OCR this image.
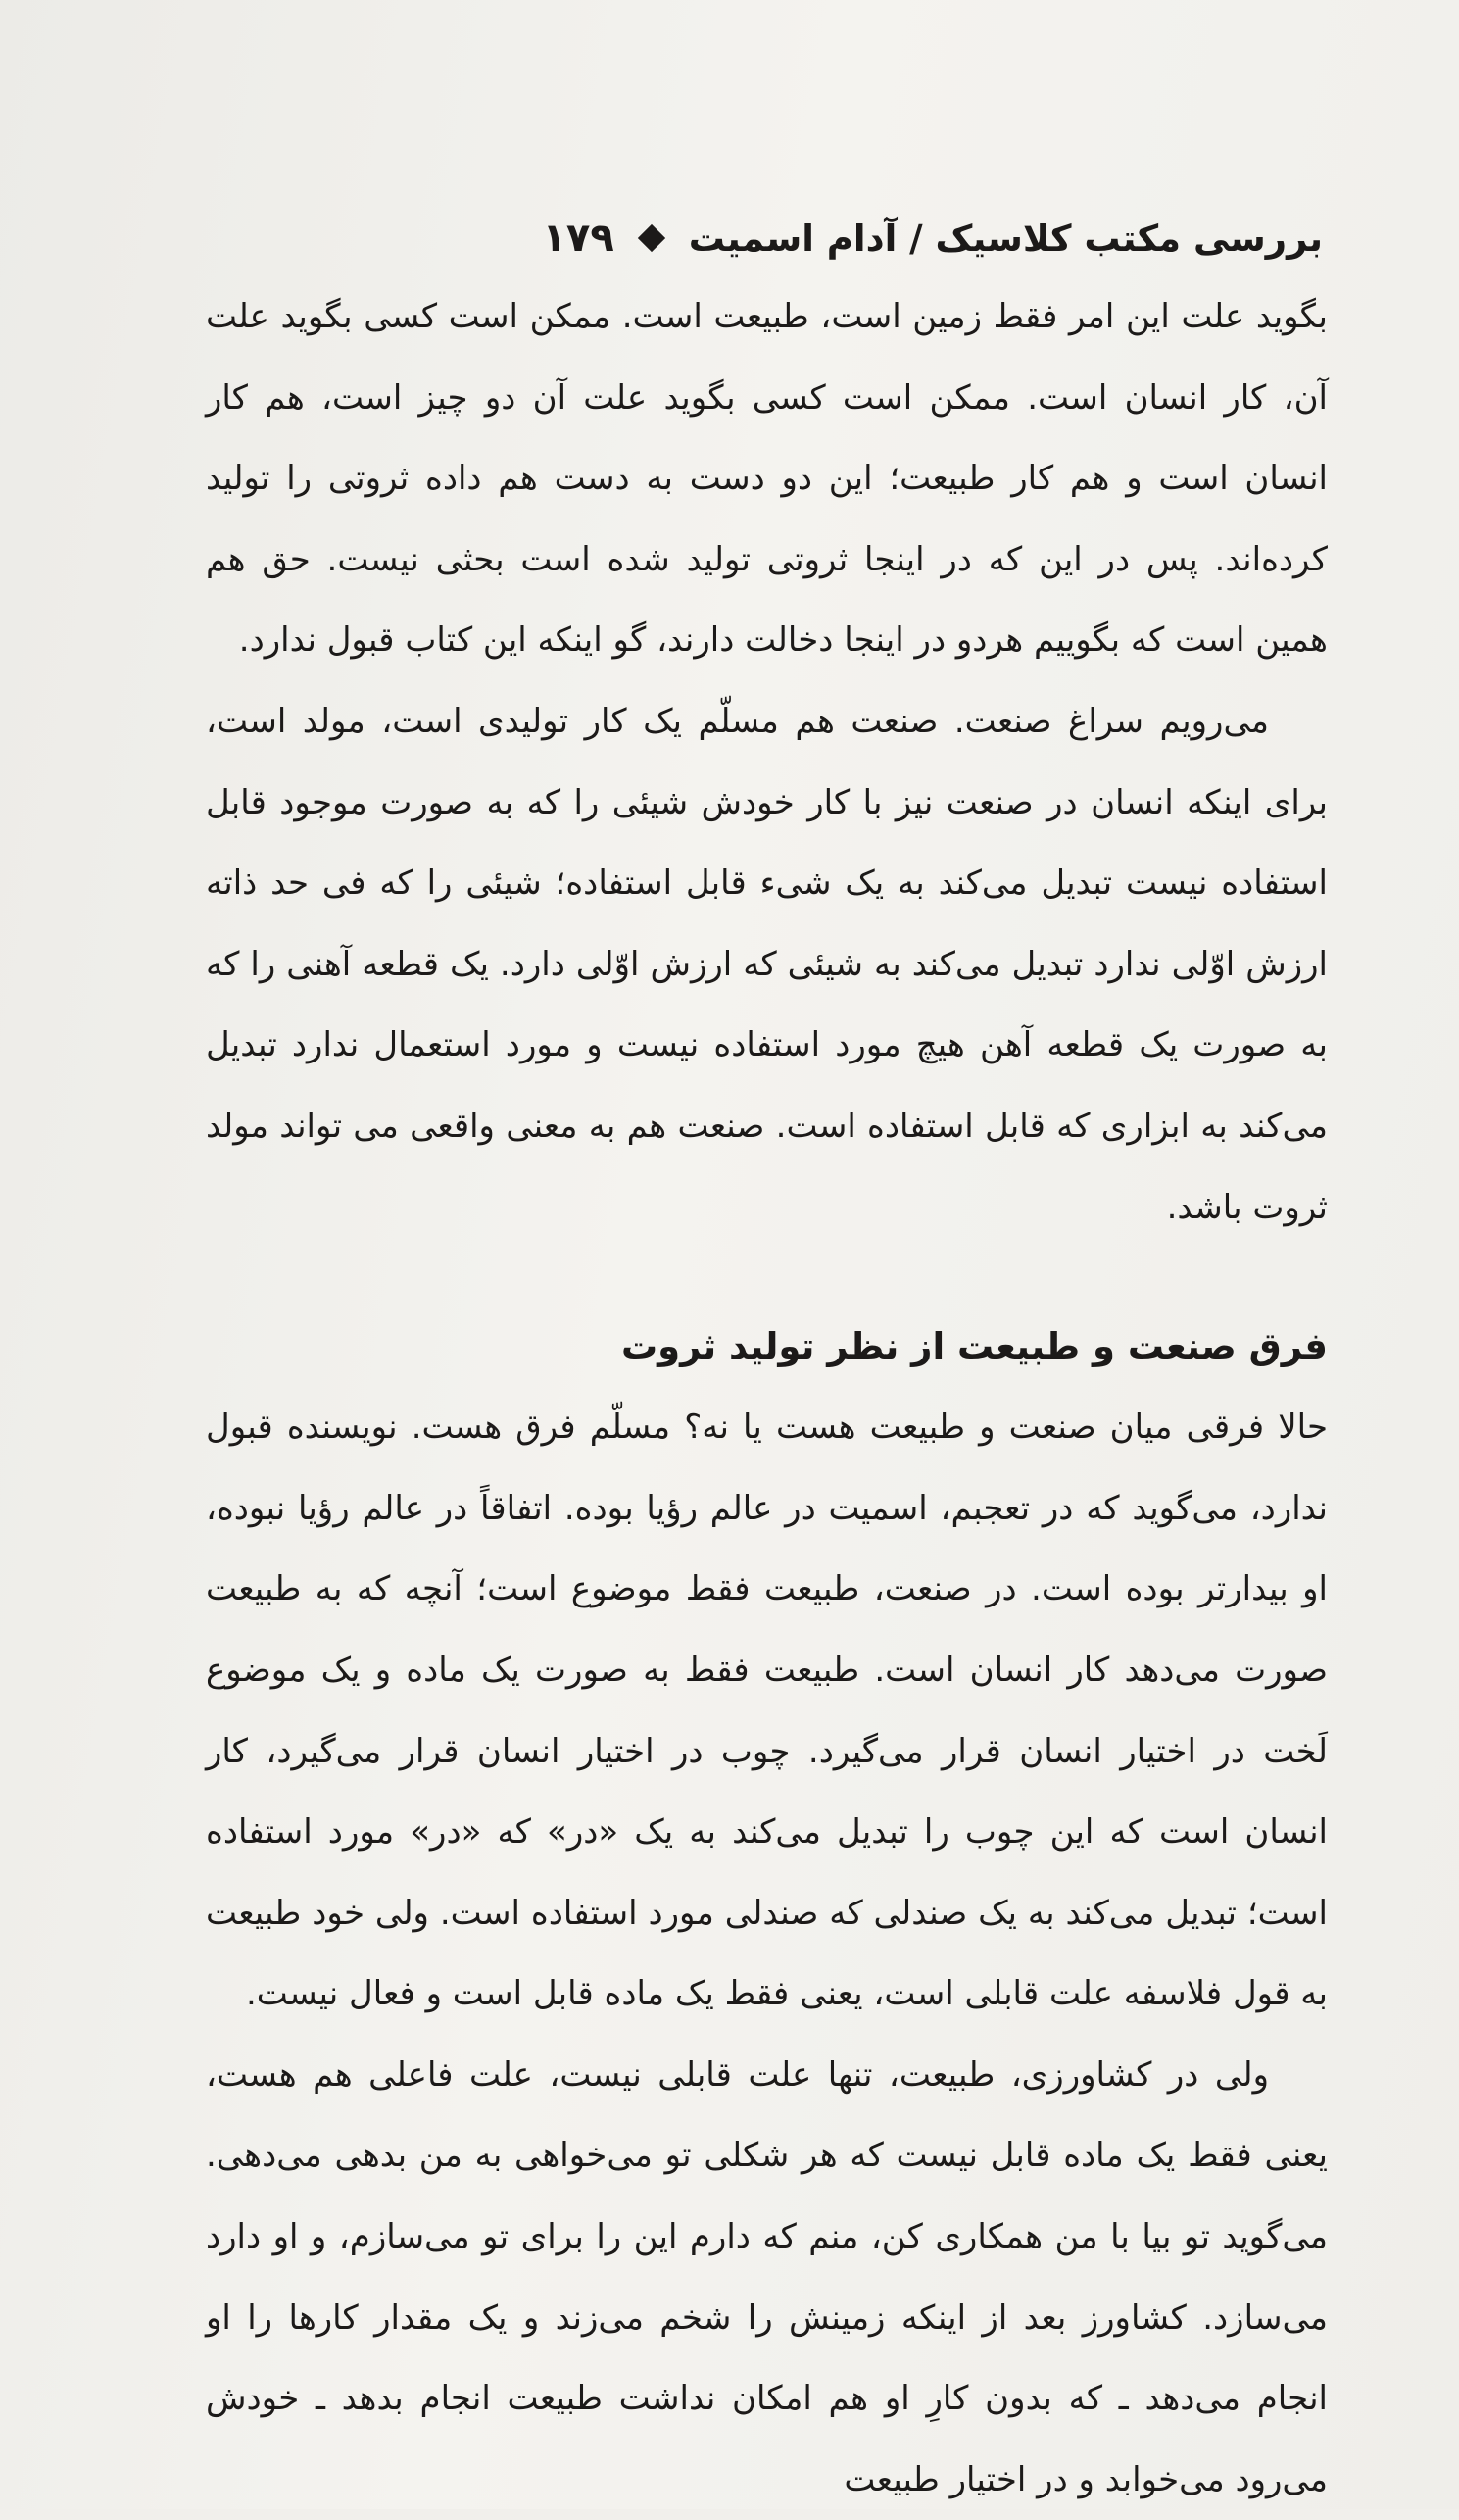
بررسی مکتب کلاسیک / آدام اسمیت
۱۷۹

بگوید علت این امر فقط زمین است، طبیعت است. ممکن است کسی بگوید علت آن، کار انسان است. ممکن است کسی بگوید علت آن دو چیز است، هم کار انسان است و هم کار طبیعت؛ این دو دست به دست هم داده ثروتی را تولید کرده‌اند. پس در این که در اینجا ثروتی تولید شده است بحثی نیست. حق هم همین است که بگوییم هردو در اینجا دخالت دارند، گو اینکه این کتاب قبول ندارد.

می‌رویم سراغ صنعت. صنعت هم مسلّم یک کار تولیدی است، مولد است، برای اینکه انسان در صنعت نیز با کار خودش شیئی را که به صورت موجود قابل استفاده نیست تبدیل می‌کند به یک شیء قابل استفاده؛ شیئی را که فی حد ذاته ارزش اوّلی ندارد تبدیل می‌کند به شیئی که ارزش اوّلی دارد. یک قطعه آهنی را که به صورت یک قطعه آهن هیچ مورد استفاده نیست و مورد استعمال ندارد تبدیل می‌کند به ابزاری که قابل استفاده است. صنعت هم به معنی واقعی می تواند مولد ثروت باشد.

فرق صنعت و طبیعت از نظر تولید ثروت

حالا فرقی میان صنعت و طبیعت هست یا نه؟ مسلّم فرق هست. نویسنده قبول ندارد، می‌گوید که در تعجبم، اسمیت در عالم رؤیا بوده. اتفاقاً در عالم رؤیا نبوده، او بیدارتر بوده است. در صنعت، طبیعت فقط موضوع است؛ آنچه که به طبیعت صورت می‌دهد کار انسان است. طبیعت فقط به صورت یک ماده و یک موضوع لَخت در اختیار انسان قرار می‌گیرد. چوب در اختیار انسان قرار می‌گیرد، کار انسان است که این چوب را تبدیل می‌کند به یک «در» که «در» مورد استفاده است؛ تبدیل می‌کند به یک صندلی که صندلی مورد استفاده است. ولی خود طبیعت به قول فلاسفه علت قابلی است، یعنی فقط یک ماده قابل است و فعال نیست.

ولی در کشاورزی، طبیعت، تنها علت قابلی نیست، علت فاعلی هم هست، یعنی فقط یک ماده قابل نیست که هر شکلی تو می‌خواهی به من بدهی می‌دهی. می‌گوید تو بیا با من همکاری کن، منم که دارم این را برای تو می‌سازم، و او دارد می‌سازد. کشاورز بعد از اینکه زمینش را شخم می‌زند و یک مقدار کارها را او انجام می‌دهد ـ که بدون کارِ او هم امکان نداشت طبیعت انجام بدهد ـ خودش می‌رود می‌خوابد و در اختیار طبیعت
